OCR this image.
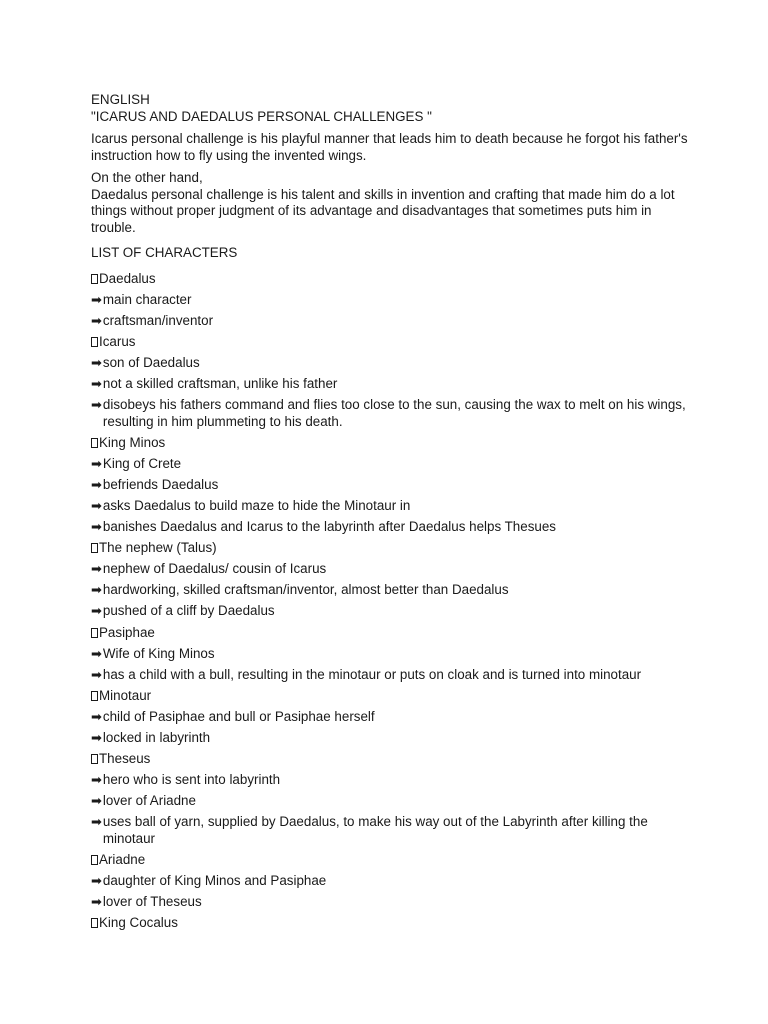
ENGLISH

"ICARUS AND DAEDALUS PERSONAL CHALLENGES "

Icarus personal challenge is his playful manner that leads him to death because he forgot his father's instruction how to fly using the invented wings.

On the other hand,

Daedalus personal challenge is his talent and skills in invention and crafting that made him do a lot things without proper judgment of its advantage and disadvantages that sometimes puts him in trouble.

LIST OF CHARACTERS

Daedalus
➡ main character
➡ craftsman/inventor
Icarus
➡ son of Daedalus
➡ not a skilled craftsman, unlike his father
➡ disobeys his fathers command and flies too close to the sun, causing the wax to melt on his wings, resulting in him plummeting to his death.
King Minos
➡ King of Crete
➡ befriends Daedalus
➡ asks Daedalus to build maze to hide the Minotaur in
➡ banishes Daedalus and Icarus to the labyrinth after Daedalus helps Thesues
The nephew (Talus)
➡ nephew of Daedalus/ cousin of Icarus
➡ hardworking, skilled craftsman/inventor, almost better than Daedalus
➡ pushed of a cliff by Daedalus
Pasiphae
➡ Wife of King Minos
➡ has a child with a bull, resulting in the minotaur or puts on cloak and is turned into minotaur
Minotaur
➡ child of Pasiphae and bull or Pasiphae herself
➡ locked in labyrinth
Theseus
➡ hero who is sent into labyrinth
➡ lover of Ariadne
➡ uses ball of yarn, supplied by Daedalus, to make his way out of the Labyrinth after killing the minotaur
Ariadne
➡ daughter of King Minos and Pasiphae
➡ lover of Theseus
King Cocalus
